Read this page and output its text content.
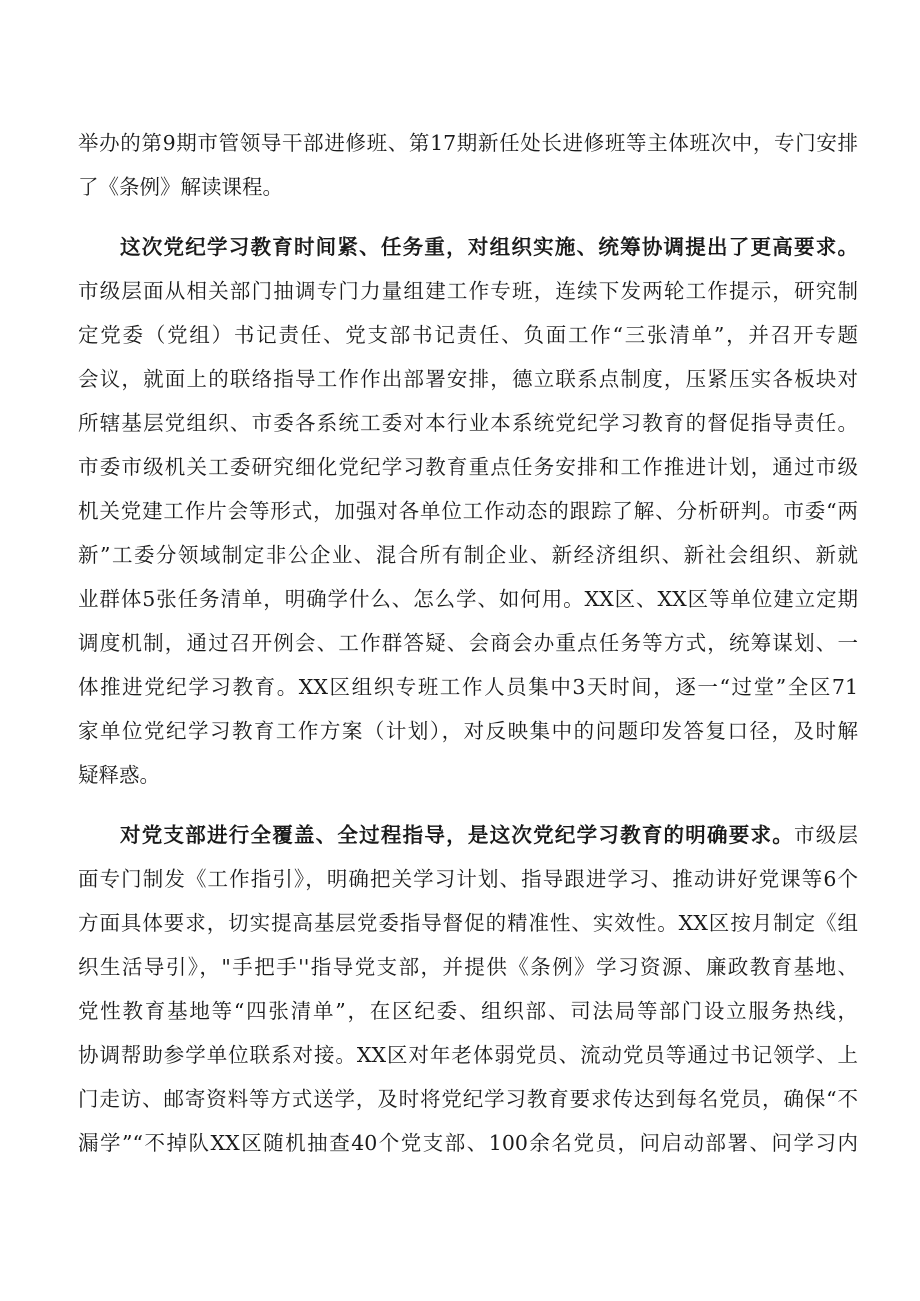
举办的第9期市管领导干部进修班、第17期新任处长进修班等主体班次中，专门安排
了《条例》解读课程。
这次党纪学习教育时间紧、任务重，对组织实施、统筹协调提出了更高要求。
市级层面从相关部门抽调专门力量组建工作专班，连续下发两轮工作提示，研究制
定党委（党组）书记责任、党支部书记责任、负面工作“三张清单”，并召开专题
会议，就面上的联络指导工作作出部署安排，德立联系点制度，压紧压实各板块对
所辖基层党组织、市委各系统工委对本行业本系统党纪学习教育的督促指导责任。
市委市级机关工委研究细化党纪学习教育重点任务安排和工作推进计划，通过市级
机关党建工作片会等形式，加强对各单位工作动态的跟踪了解、分析研判。市委“两
新”工委分领域制定非公企业、混合所有制企业、新经济组织、新社会组织、新就
业群体5张任务清单，明确学什么、怎么学、如何用。XX区、XX区等单位建立定期
调度机制，通过召开例会、工作群答疑、会商会办重点任务等方式，统筹谋划、一
体推进党纪学习教育。XX区组织专班工作人员集中3天时间，逐一“过堂”全区71
家单位党纪学习教育工作方案（计划），对反映集中的问题印发答复口径，及时解
疑释惑。
对党支部进行全覆盖、全过程指导，是这次党纪学习教育的明确要求。市级层
面专门制发《工作指引》，明确把关学习计划、指导跟进学习、推动讲好党课等6个
方面具体要求，切实提高基层党委指导督促的精准性、实效性。XX区按月制定《组
织生活导引》，"手把手''指导党支部，并提供《条例》学习资源、廉政教育基地、
党性教育基地等“四张清单”，在区纪委、组织部、司法局等部门设立服务热线，
协调帮助参学单位联系对接。XX区对年老体弱党员、流动党员等通过书记领学、上
门走访、邮寄资料等方式送学，及时将党纪学习教育要求传达到每名党员，确保“不
漏学”“不掉队XX区随机抽查40个党支部、100余名党员，问启动部署、问学习内
